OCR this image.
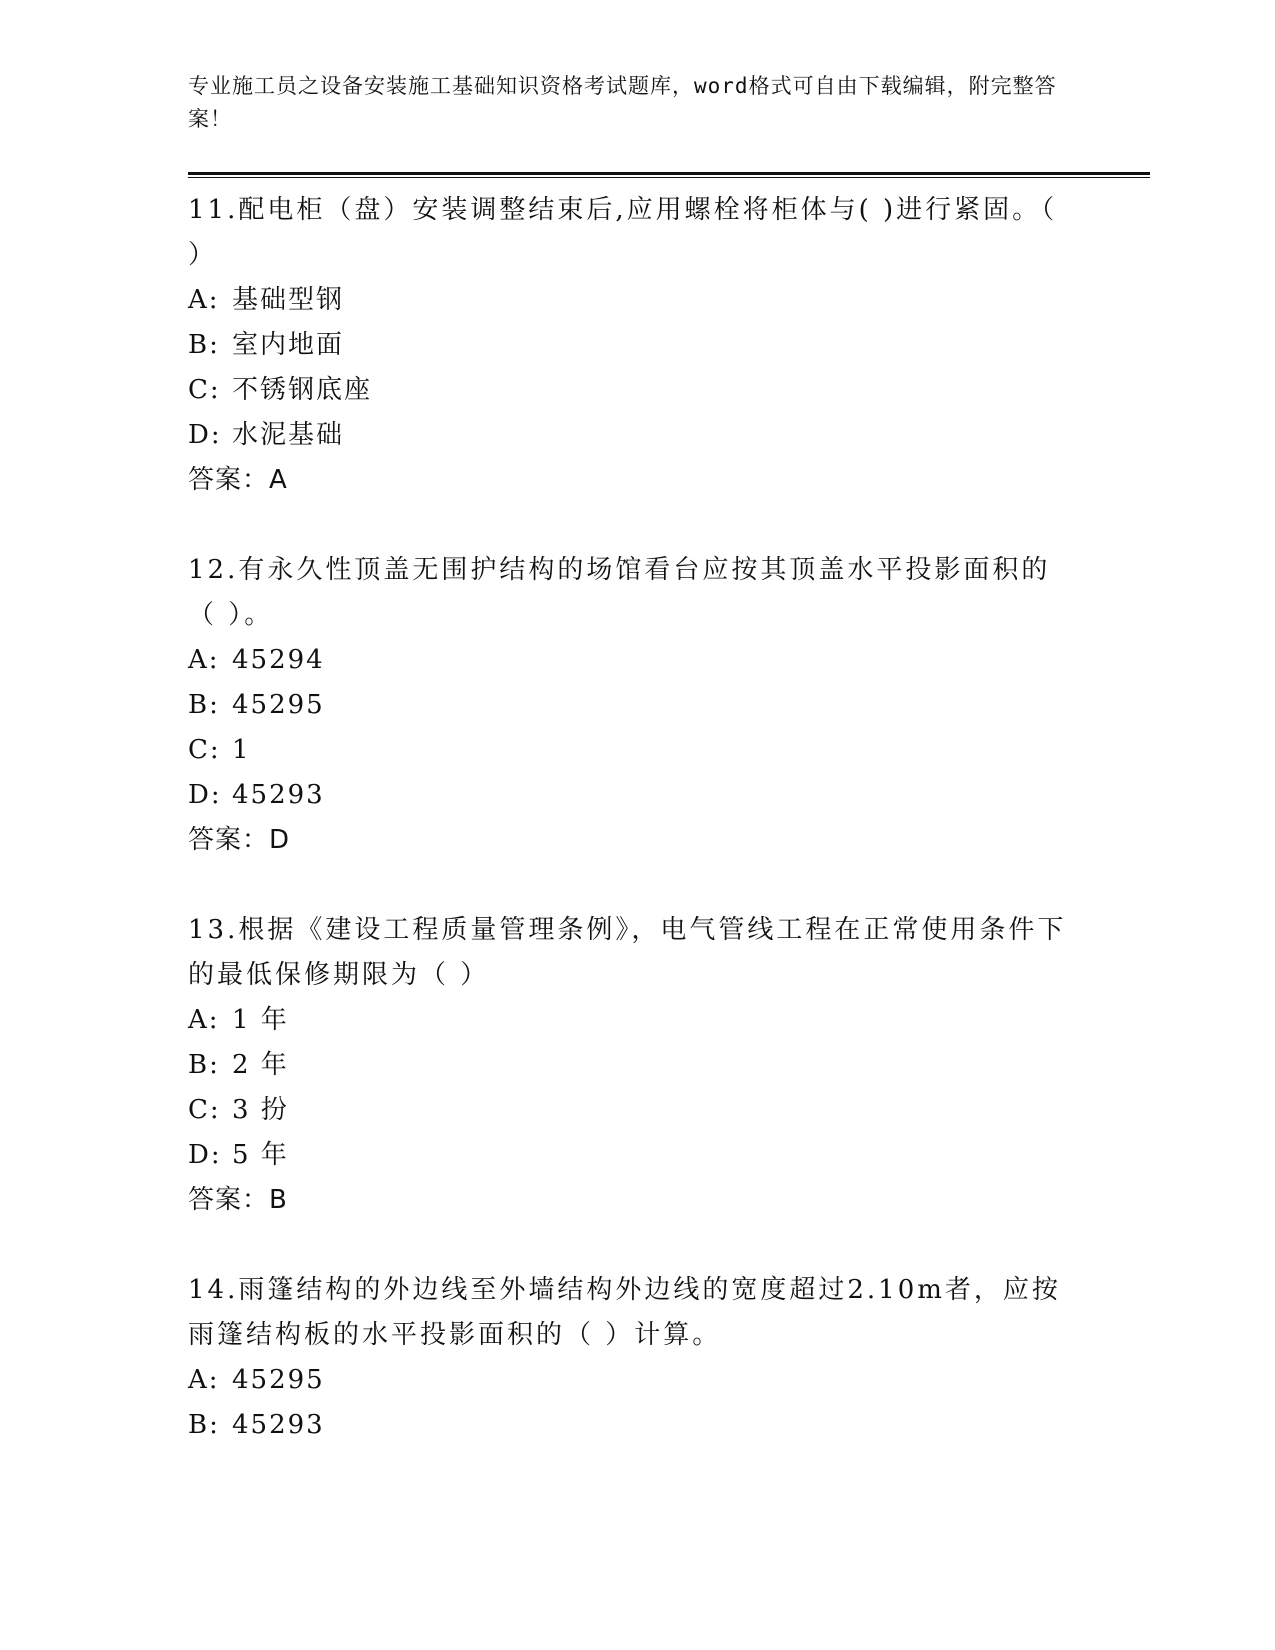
专业施工员之设备安装施工基础知识资格考试题库，word格式可自由下载编辑，附完整答案！

11.配电柜（盘）安装调整结束后,应用螺栓将柜体与( )进行紧固。（ ）

A: 基础型钢

B: 室内地面

C: 不锈钢底座

D: 水泥基础

答案：A

12.有永久性顶盖无围护结构的场馆看台应按其顶盖水平投影面积的（ ）。

A: 45294

B: 45295

C: 1

D: 45293

答案：D

13.根据《建设工程质量管理条例》，电气管线工程在正常使用条件下的最低保修期限为（ ）

A: 1 年

B: 2 年

C: 3 扮

D: 5 年

答案：B

14.雨篷结构的外边线至外墙结构外边线的宽度超过2.10m者，应按雨篷结构板的水平投影面积的（ ）计算。

A: 45295

B: 45293
